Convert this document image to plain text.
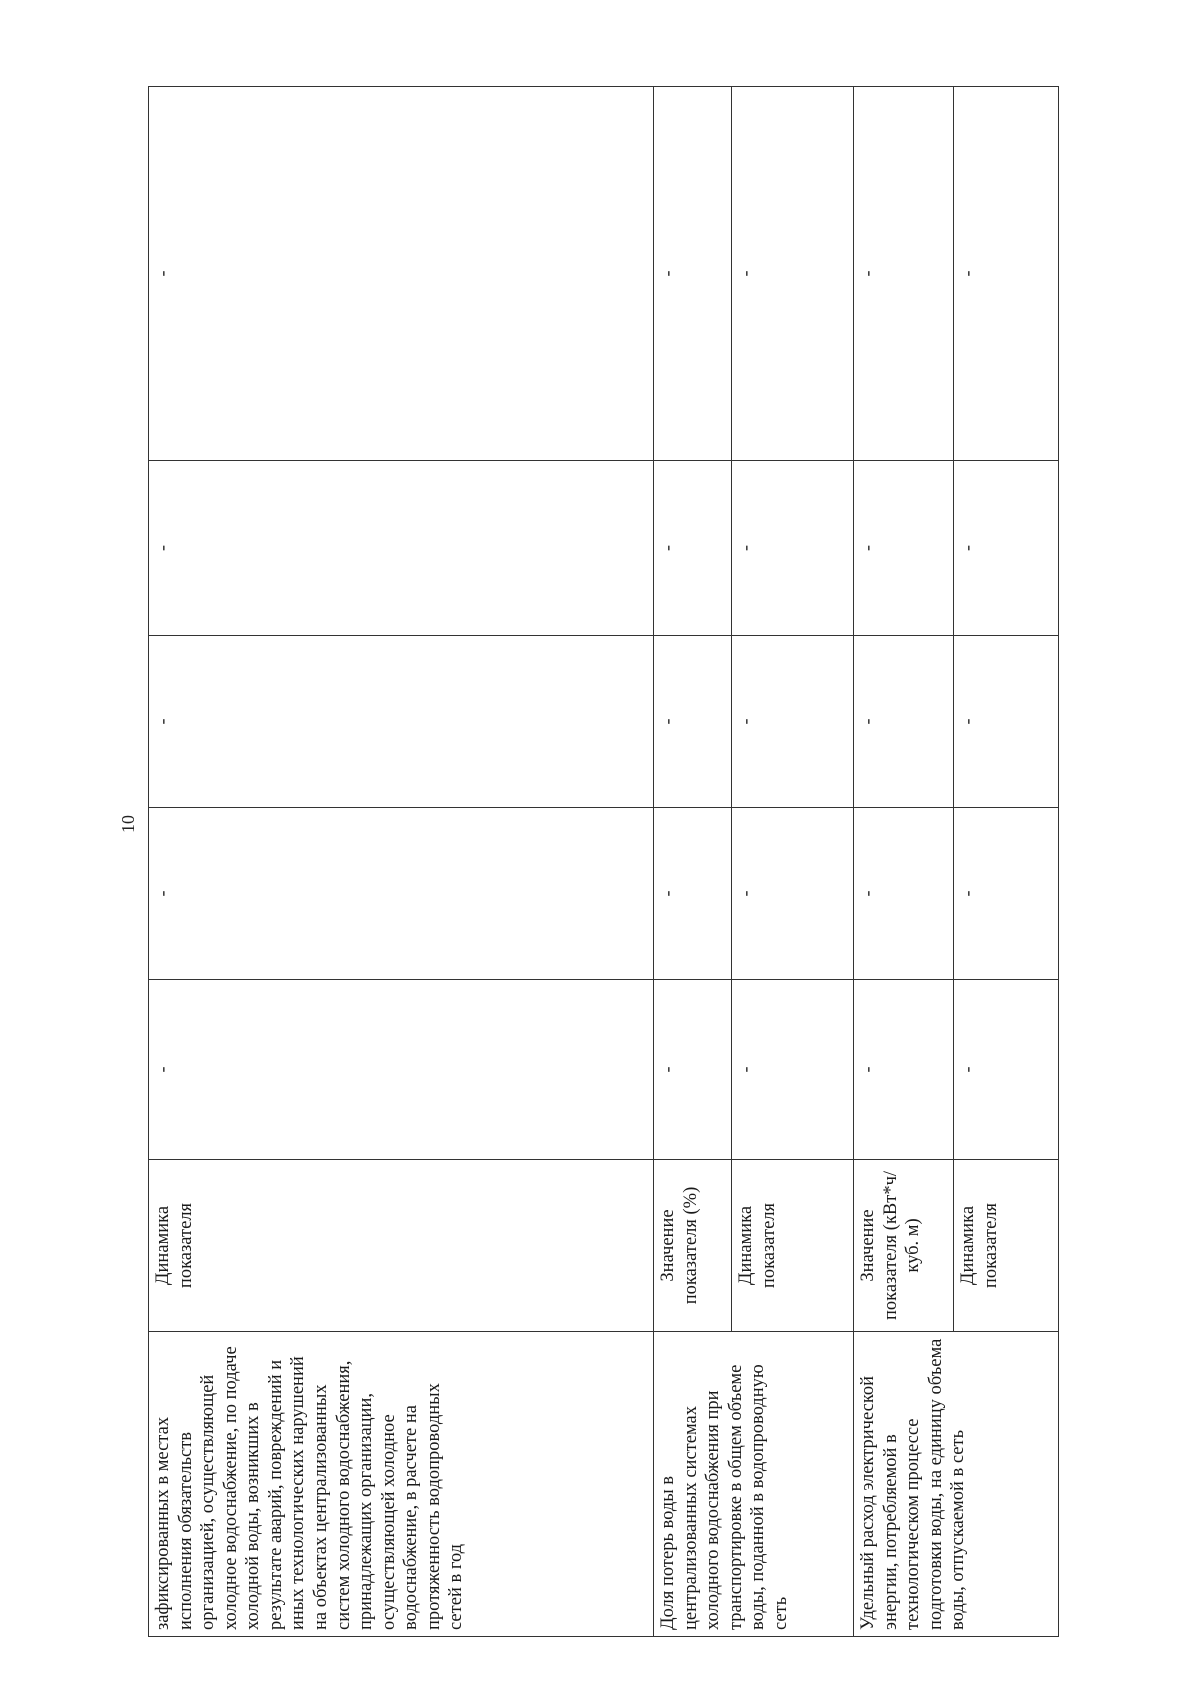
10
зафиксированных в местах исполнения обязательств организацией, осуществляющей холодное водоснабжение, по подаче холодной воды, возникших в результате аварий, повреждений и иных технологических нарушений на объектах централизованных систем холодного водоснабжения, принадлежащих организации, осуществляющей холодное водоснабжение, в расчете на протяженность водопроводных сетей в год	Динамика показателя	-	-	-	-	-
Доля потерь воды в централизованных системах холодного водоснабжения при транспортировке в общем объеме воды, поданной в водопроводную сеть	Значение показателя (%)	-	-	-	-	-
	Динамика показателя	-	-	-	-	-
Удельный расход электрической энергии, потребляемой в технологическом процессе подготовки воды, на единицу объема воды, отпускаемой в сеть	Значение показателя (кВт*ч/куб. м)	-	-	-	-	-
	Динамика показателя	-	-	-	-	-
